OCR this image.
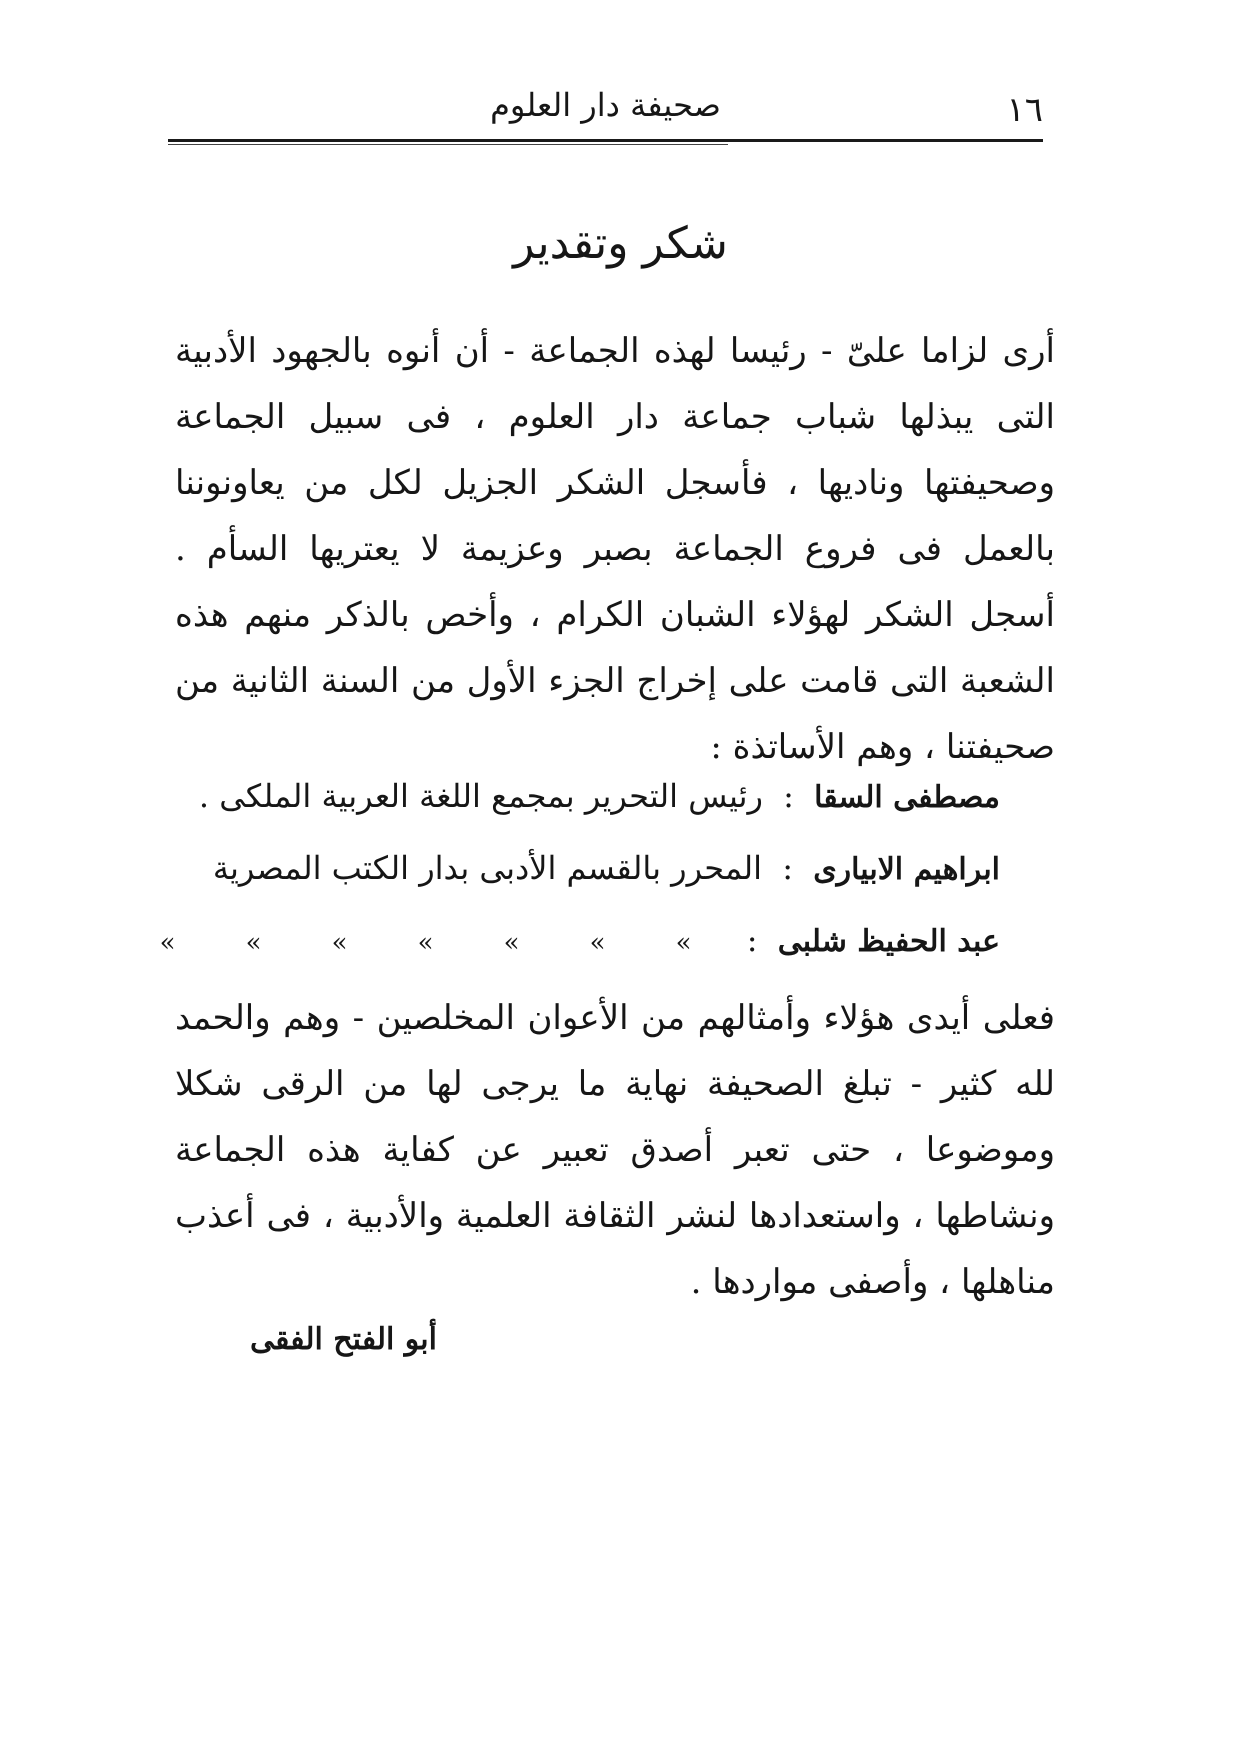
١٦
صحيفة دار العلوم
شكر وتقدير

أرى لزاما علىّ - رئيسا لهذه الجماعة - أن أنوه بالجهود الأدبية التى يبذلها شباب جماعة دار العلوم ، فى سبيل الجماعة وصحيفتها وناديها ، فأسجل الشكر الجزيل لكل من يعاونوننا بالعمل فى فروع الجماعة بصبر وعزيمة لا يعتريها السأم . أسجل الشكر لهؤلاء الشبان الكرام ، وأخص بالذكر منهم هذه الشعبة التى قامت على إخراج الجزء الأول من السنة الثانية من صحيفتنا ، وهم الأساتذة :

مصطفى السقا : رئيس التحرير بمجمع اللغة العربية الملكى .
ابراهيم الابيارى : المحرر بالقسم الأدبى بدار الكتب المصرية
عبد الحفيظ شلبى : »»»»»»»

فعلى أيدى هؤلاء وأمثالهم من الأعوان المخلصين - وهم والحمد لله كثير - تبلغ الصحيفة نهاية ما يرجى لها من الرقى شكلا وموضوعا ، حتى تعبر أصدق تعبير عن كفاية هذه الجماعة ونشاطها ، واستعدادها لنشر الثقافة العلمية والأدبية ، فى أعذب مناهلها ، وأصفى مواردها .

أبو الفتح الفقى
